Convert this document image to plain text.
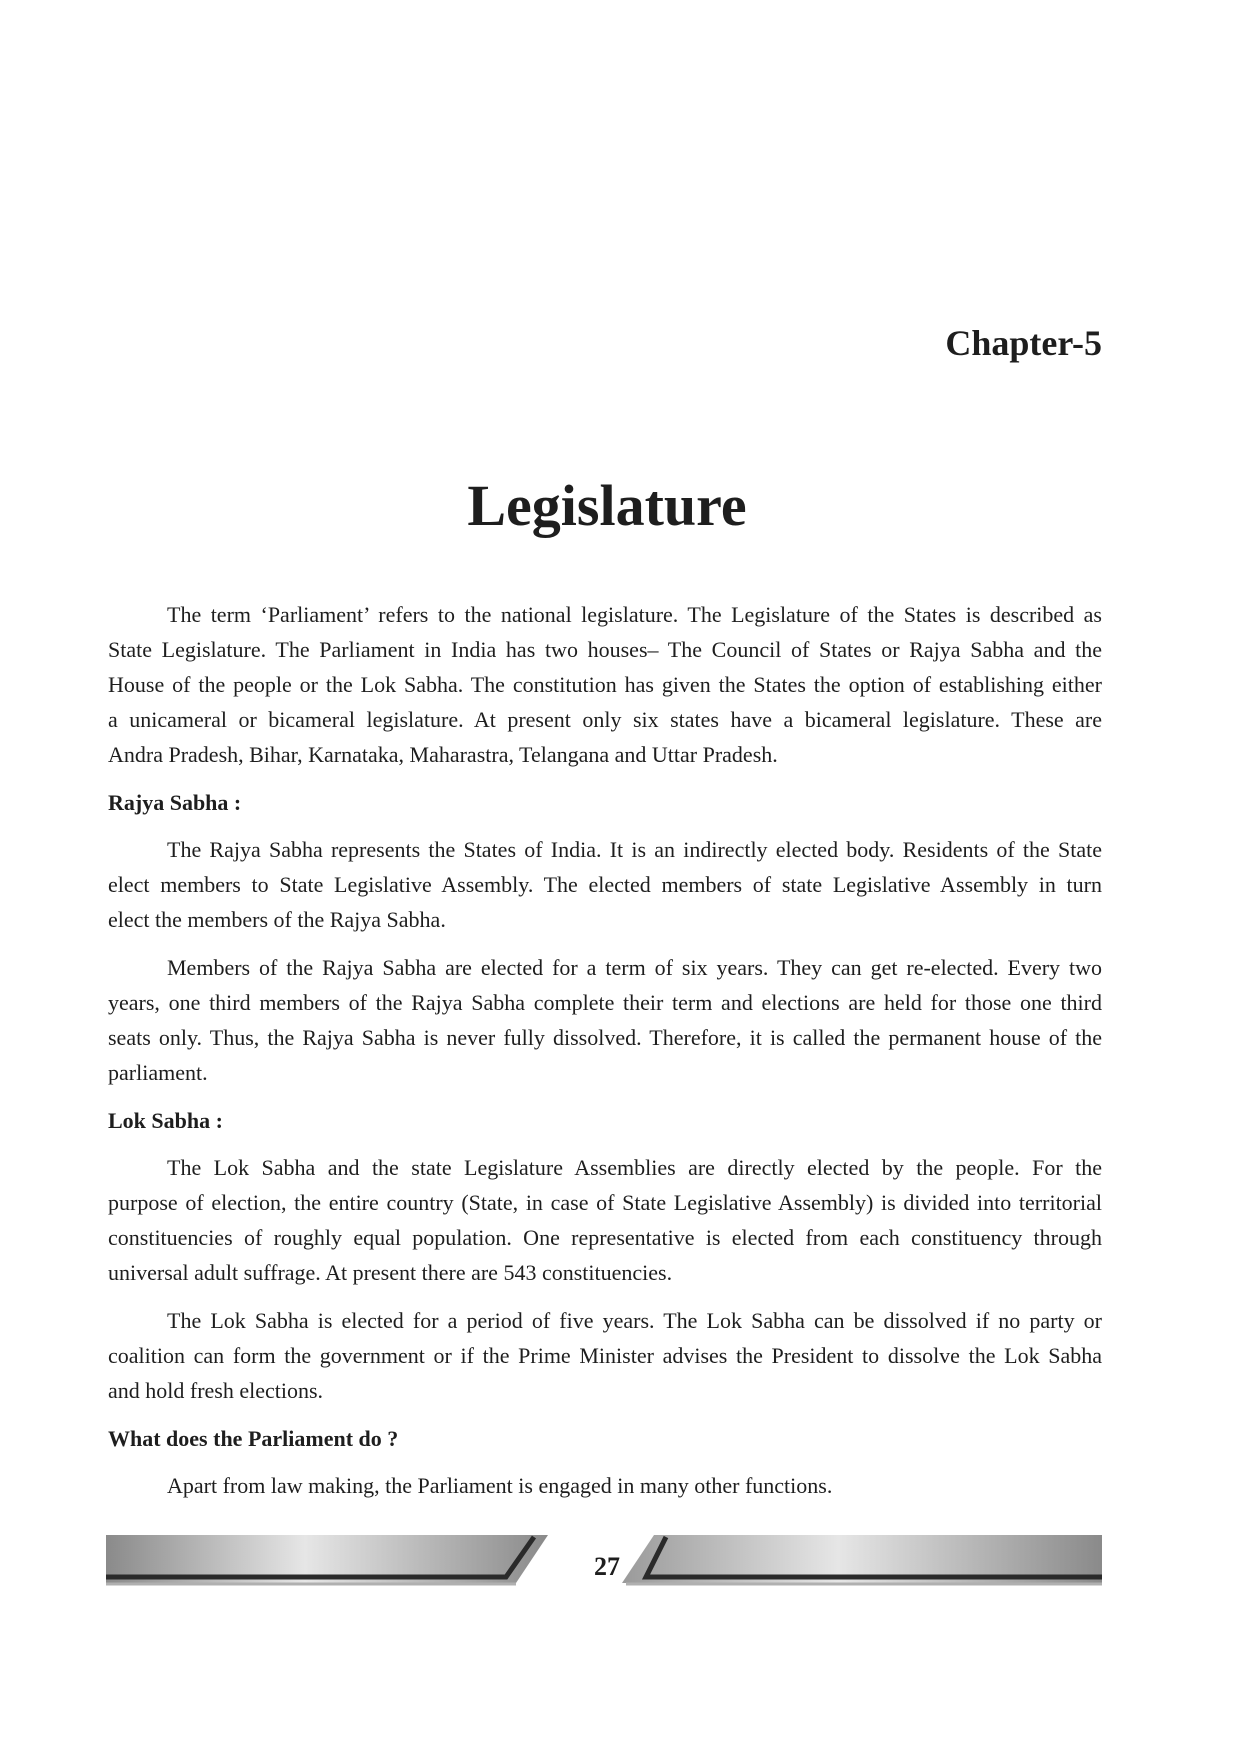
Chapter-5
Legislature
The term ‘Parliament’ refers to the national legislature. The Legislature of the States is described as
State Legislature. The Parliament in India has two houses– The Council of States or Rajya Sabha and the
House of the people or the Lok Sabha. The constitution has given the States the option of establishing either
a unicameral or bicameral legislature. At present only six states have a bicameral legislature. These are
Andra Pradesh, Bihar, Karnataka, Maharastra, Telangana and Uttar Pradesh.
Rajya Sabha :
The Rajya Sabha represents the States of India. It is an indirectly elected body. Residents of the State
elect members to State Legislative Assembly. The elected members of state Legislative Assembly in turn
elect the members of the Rajya Sabha.
Members of the Rajya Sabha are elected for a term of six years. They can get re-elected. Every two
years, one third members of the Rajya Sabha complete their term and elections are held for those one third
seats only. Thus, the Rajya Sabha is never fully dissolved. Therefore, it is called the permanent house of the
parliament.
Lok Sabha :
The Lok Sabha and the state Legislature Assemblies are directly elected by the people. For the
purpose of election, the entire country (State, in case of State Legislative Assembly) is divided into territorial
constituencies of roughly equal population. One representative is elected from each constituency through
universal adult suffrage. At present there are 543 constituencies.
The Lok Sabha is elected for a period of five years. The Lok Sabha can be dissolved if no party or
coalition can form the government or if the Prime Minister advises the President to dissolve the Lok Sabha
and hold fresh elections.
What does the Parliament do ?
Apart from law making, the Parliament is engaged in many other functions.

27
